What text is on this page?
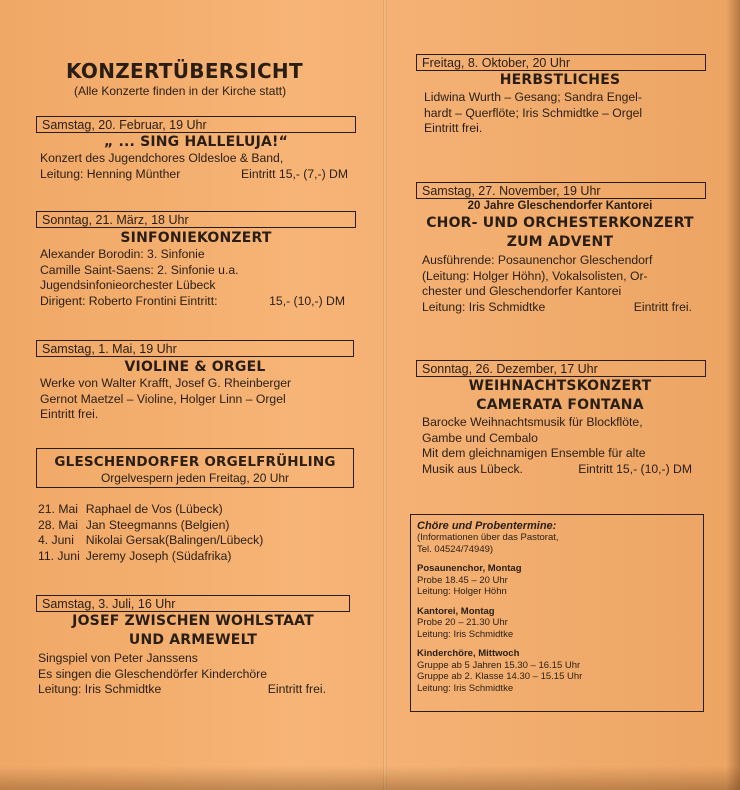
KONZERTÜBERSICHT
(Alle Konzerte finden in der Kirche statt)
Samstag, 20. Februar, 19 Uhr
„ ... SING HALLELUJA!“
Konzert des Jugendchores Oldesloe & Band,
Leitung: Henning Münther	Eintritt 15,- (7,-) DM
Sonntag, 21. März, 18 Uhr
SINFONIEKONZERT
Alexander Borodin: 3. Sinfonie
Camille Saint-Saens: 2. Sinfonie u.a.
Jugendsinfonieorchester Lübeck
Dirigent: Roberto Frontini Eintritt:	15,- (10,-) DM
Samstag, 1. Mai, 19 Uhr
VIOLINE & ORGEL
Werke von Walter Krafft, Josef G. Rheinberger
Gernot Maetzel – Violine, Holger Linn – Orgel
Eintritt frei.
GLESCHENDORFER ORGELFRÜHLING
Orgelvespern jeden Freitag, 20 Uhr
21. Mai	Raphael de Vos (Lübeck)
28. Mai	Jan Steegmanns (Belgien)
4. Juni	Nikolai Gersak(Balingen/Lübeck)
11. Juni	Jeremy Joseph (Südafrika)
Samstag, 3. Juli, 16 Uhr
JOSEF ZWISCHEN WOHLSTAAT
UND ARMEWELT
Singspiel von Peter Janssens
Es singen die Gleschendörfer Kinderchöre
Leitung: Iris Schmidtke	Eintritt frei.
Freitag, 8. Oktober, 20 Uhr
HERBSTLICHES
Lidwina Wurth – Gesang; Sandra Engel-
hardt – Querflöte; Iris Schmidtke – Orgel
Eintritt frei.
Samstag, 27. November, 19 Uhr
20 Jahre Gleschendorfer Kantorei
CHOR- UND ORCHESTERKONZERT
ZUM ADVENT
Ausführende: Posaunenchor Gleschendorf
(Leitung: Holger Höhn), Vokalsolisten, Or-
chester und Gleschendorfer Kantorei
Leitung: Iris Schmidtke	Eintritt frei.
Sonntag, 26. Dezember, 17 Uhr
WEIHNACHTSKONZERT
CAMERATA FONTANA
Barocke Weihnachtsmusik für Blockflöte,
Gambe und Cembalo
Mit dem gleichnamigen Ensemble für alte
Musik aus Lübeck.	Eintritt 15,- (10,-) DM
Chöre und Probentermine:
(Informationen über das Pastorat,
Tel. 04524/74949)
Posaunenchor, Montag
Probe 18.45 – 20 Uhr
Leitung: Holger Höhn
Kantorei, Montag
Probe 20 – 21.30 Uhr
Leitung: Iris Schmidtke
Kinderchöre, Mittwoch
Gruppe ab 5 Jahren 15.30 – 16.15 Uhr
Gruppe ab 2. Klasse 14.30 – 15.15 Uhr
Leitung: Iris Schmidtke
